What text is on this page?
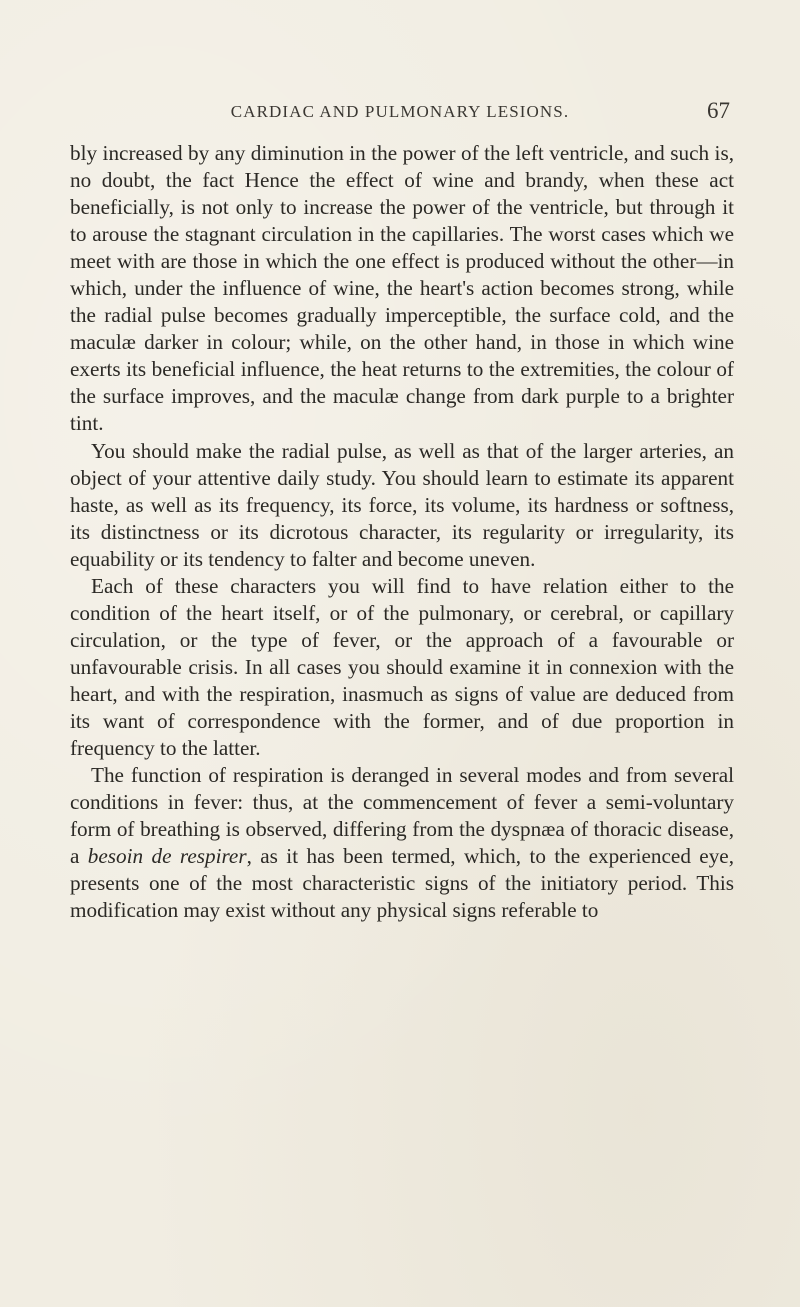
CARDIAC AND PULMONARY LESIONS.	67

bly increased by any diminution in the power of the left ventricle, and such is, no doubt, the fact Hence the effect of wine and brandy, when these act beneficially, is not only to increase the power of the ventricle, but through it to arouse the stagnant circulation in the capillaries. The worst cases which we meet with are those in which the one effect is produced without the other—in which, under the influence of wine, the heart's action becomes strong, while the radial pulse becomes gradually imperceptible, the surface cold, and the maculæ darker in colour; while, on the other hand, in those in which wine exerts its beneficial influence, the heat returns to the extremities, the colour of the surface improves, and the maculæ change from dark purple to a brighter tint.

You should make the radial pulse, as well as that of the larger arteries, an object of your attentive daily study. You should learn to estimate its apparent haste, as well as its frequency, its force, its volume, its hardness or softness, its distinctness or its dicrotous character, its regularity or irregularity, its equability or its tendency to falter and become uneven.

Each of these characters you will find to have relation either to the condition of the heart itself, or of the pulmonary, or cerebral, or capillary circulation, or the type of fever, or the approach of a favourable or unfavourable crisis. In all cases you should examine it in connexion with the heart, and with the respiration, inasmuch as signs of value are deduced from its want of correspondence with the former, and of due proportion in frequency to the latter.

The function of respiration is deranged in several modes and from several conditions in fever: thus, at the commencement of fever a semi-voluntary form of breathing is observed, differing from the dyspnæa of thoracic disease, a besoin de respirer, as it has been termed, which, to the experienced eye, presents one of the most characteristic signs of the initiatory period. This modification may exist without any physical signs referable to
